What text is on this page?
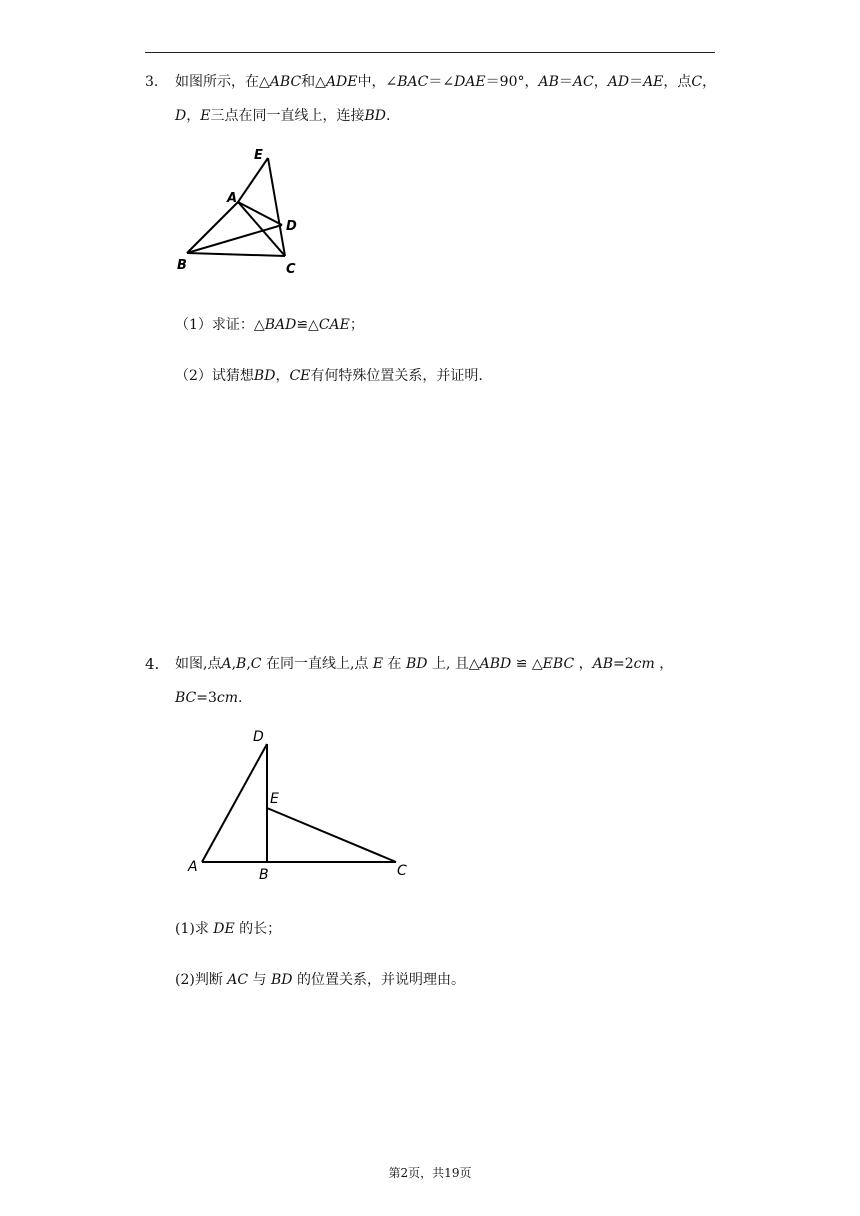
3. 如图所示，在△ABC和△ADE中，∠BAC＝∠DAE＝90°，AB＝AC，AD＝AE，点C，
D，E三点在同一直线上，连接BD.
E
A
D
B	C
（1）求证：△BAD≌△CAE；
（2）试猜想BD，CE有何特殊位置关系，并证明.
4. 如图,点A,B,C 在同一直线上,点 E 在 BD 上, 且△ABD ≌ △EBC ，AB=2cm ，
BC=3cm.
D
E
A	B	C
(1)求 DE 的长；
(2)判断 AC 与 BD 的位置关系，并说明理由。
第2页，共19页
